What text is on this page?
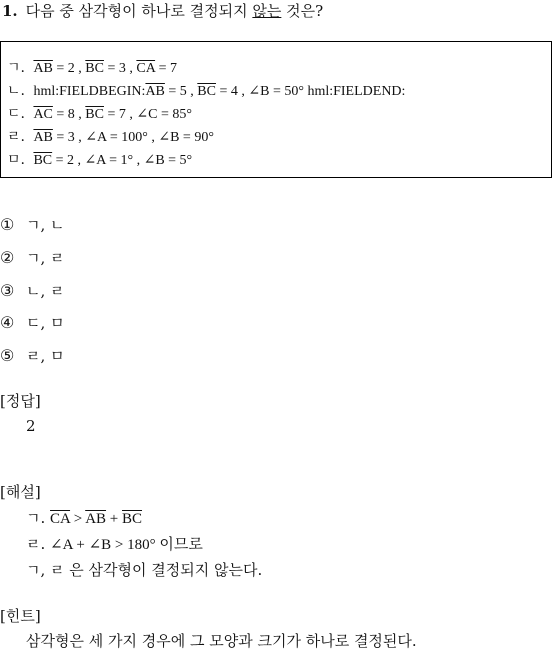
1. 다음 중 삼각형이 하나로 결정되지 않는 것은?
ㄱ. $\overline{AB} = 2$ , $\overline{BC} = 3$ , $\overline{CA} = 7$
ㄴ. $hml:FIELDBEGIN:\overline{AB} = 5$ , $\overline{BC} = 4$ , ∠B = 50° hml:FIELDEND:
ㄷ. $\overline{AC} = 8$ , $\overline{BC} = 7$ , ∠C = 85°
ㄹ. $\overline{AB} = 3$ , ∠A = 100° , ∠B = 90°
ㅁ. $\overline{BC} = 2$ , ∠A = 1° , ∠B = 5°
① ㄱ, ㄴ
② ㄱ, ㄹ
③ ㄴ, ㄹ
④ ㄷ, ㅁ
⑤ ㄹ, ㅁ
[정답]
2
[해설]
ㄱ. $\overline{CA} > \overline{AB} + \overline{BC}$
ㄹ. ∠A + ∠B > 180° 이므로
ㄱ, ㄹ 은 삼각형이 결정되지 않는다.
[힌트]
삼각형은 세 가지 경우에 그 모양과 크기가 하나로 결정된다.
